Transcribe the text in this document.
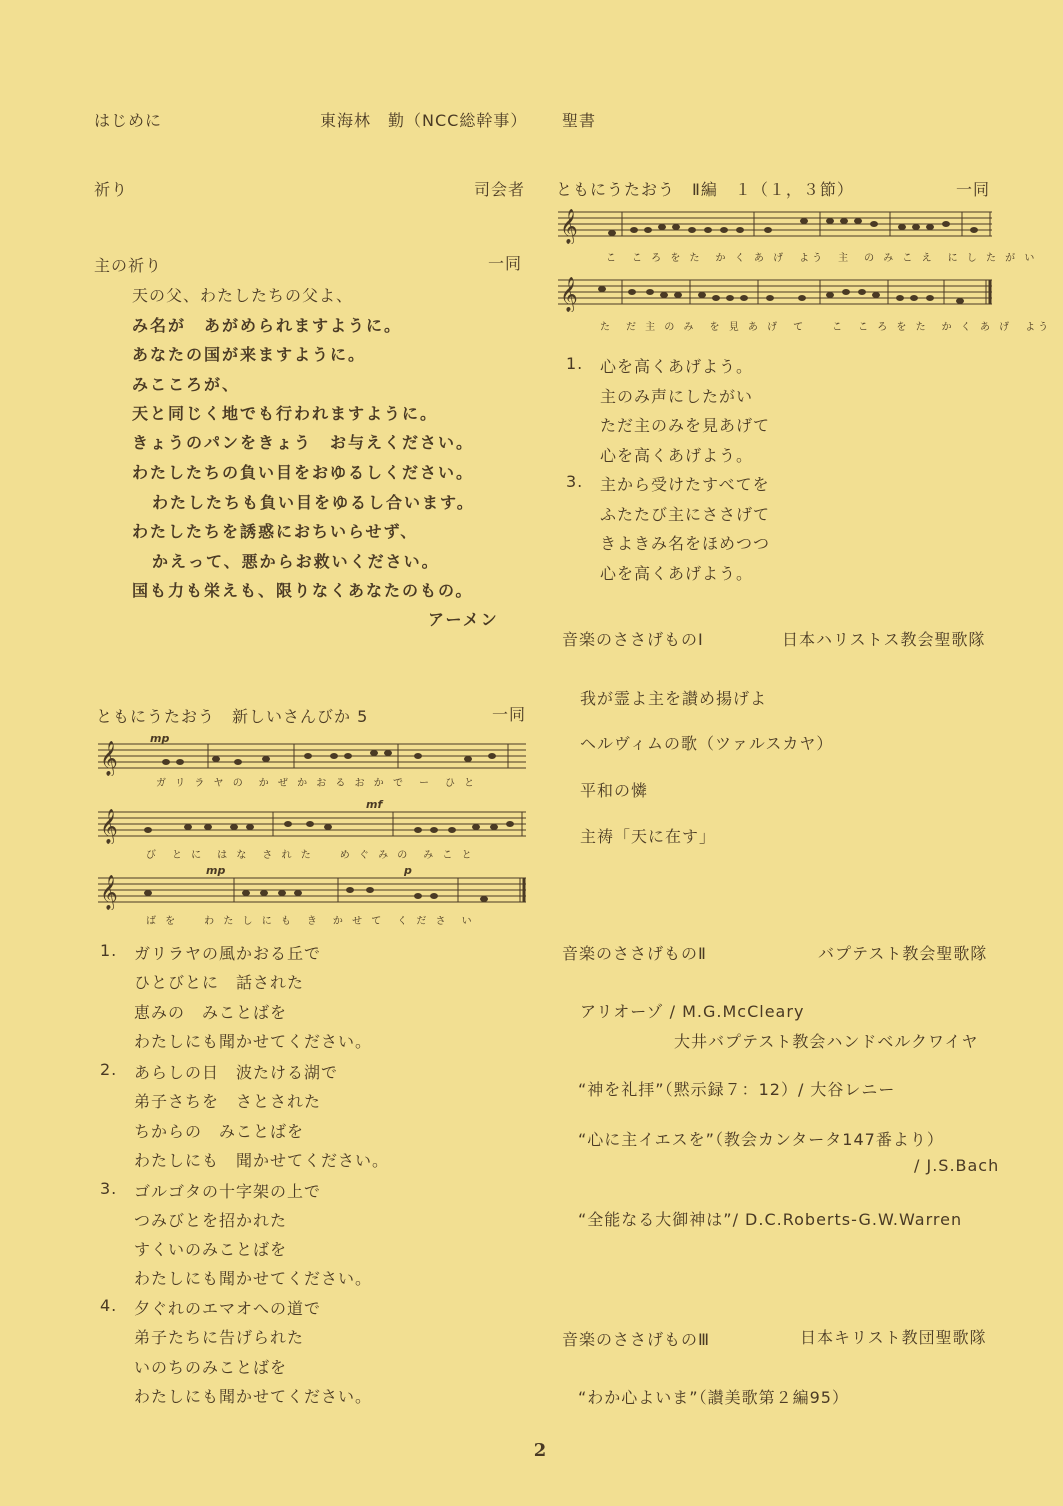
はじめに	東海林　勤（NCC総幹事） 聖書
祈り	司会者
主の祈り	一同
天の父、わたしたちの父よ、
み名が　あがめられますように。
あなたの国が来ますように。
みこころが、
天と同じく地でも行われますように。
きょうのパンをきょう　お与えください。
わたしたちの負い目をおゆるしください。
わたしたちも負い目をゆるし合います。
わたしたちを誘惑におちいらせず、
かえって、悪からお救いください。
国も力も栄えも、限りなくあなたのもの。
アーメン
ともにうたおう　新しいさんびか 5	一同
𝄞
mp
ガ リ ラ ヤ の　か ぜ か お る お か で　ー　ひ と
𝄞
mf
び　と に　は な　さ れ た　　め ぐ み の　み こ と
𝄞
mp	p
ば を　　わ た し に も　き　か せ て　く だ さ　い
1. ガリラヤの風かおる丘で
ひとびとに　話された
恵みの　みことばを
わたしにも聞かせてください。
2. あらしの日　波たける湖で
弟子さちを　さとされた
ちからの　みことばを
わたしにも　聞かせてください。
3. ゴルゴタの十字架の上で
つみびとを招かれた
すくいのみことばを
わたしにも聞かせてください。
4. 夕ぐれのエマオへの道で
弟子たちに告げられた
いのちのみことばを
わたしにも聞かせてください。
ともにうたおう　Ⅱ編　１（１，３節）	一同
𝄞
こ　こ ろ を た　か く あ げ　よう　主　の み こ え　に し た が い
𝄞
た　だ 主 の み　を 見 あ げ　て　　こ　こ ろ を た　か く あ げ　よう
1. 心を高くあげよう。
主のみ声にしたがい
ただ主のみを見あげて
心を高くあげよう。
3. 主から受けたすべてを
ふたたび主にささげて
きよきみ名をほめつつ
心を高くあげよう。
音楽のささげものⅠ	日本ハリストス教会聖歌隊
我が霊よ主を讃め揚げよ
ヘルヴィムの歌（ツァルスカヤ）
平和の憐
主祷「天に在す」
音楽のささげものⅡ	バプテスト教会聖歌隊
アリオーゾ / M.G.McCleary
大井バプテスト教会ハンドベルクワイヤ
“神を礼拝”（黙示録７：12）/ 大谷レニー
“心に主イエスを”（教会カンタータ147番より）
/ J.S.Bach
“全能なる大御神は”/ D.C.Roberts-G.W.Warren
音楽のささげものⅢ	日本キリスト教団聖歌隊
“わか心よいま”（讃美歌第２編95）
2
